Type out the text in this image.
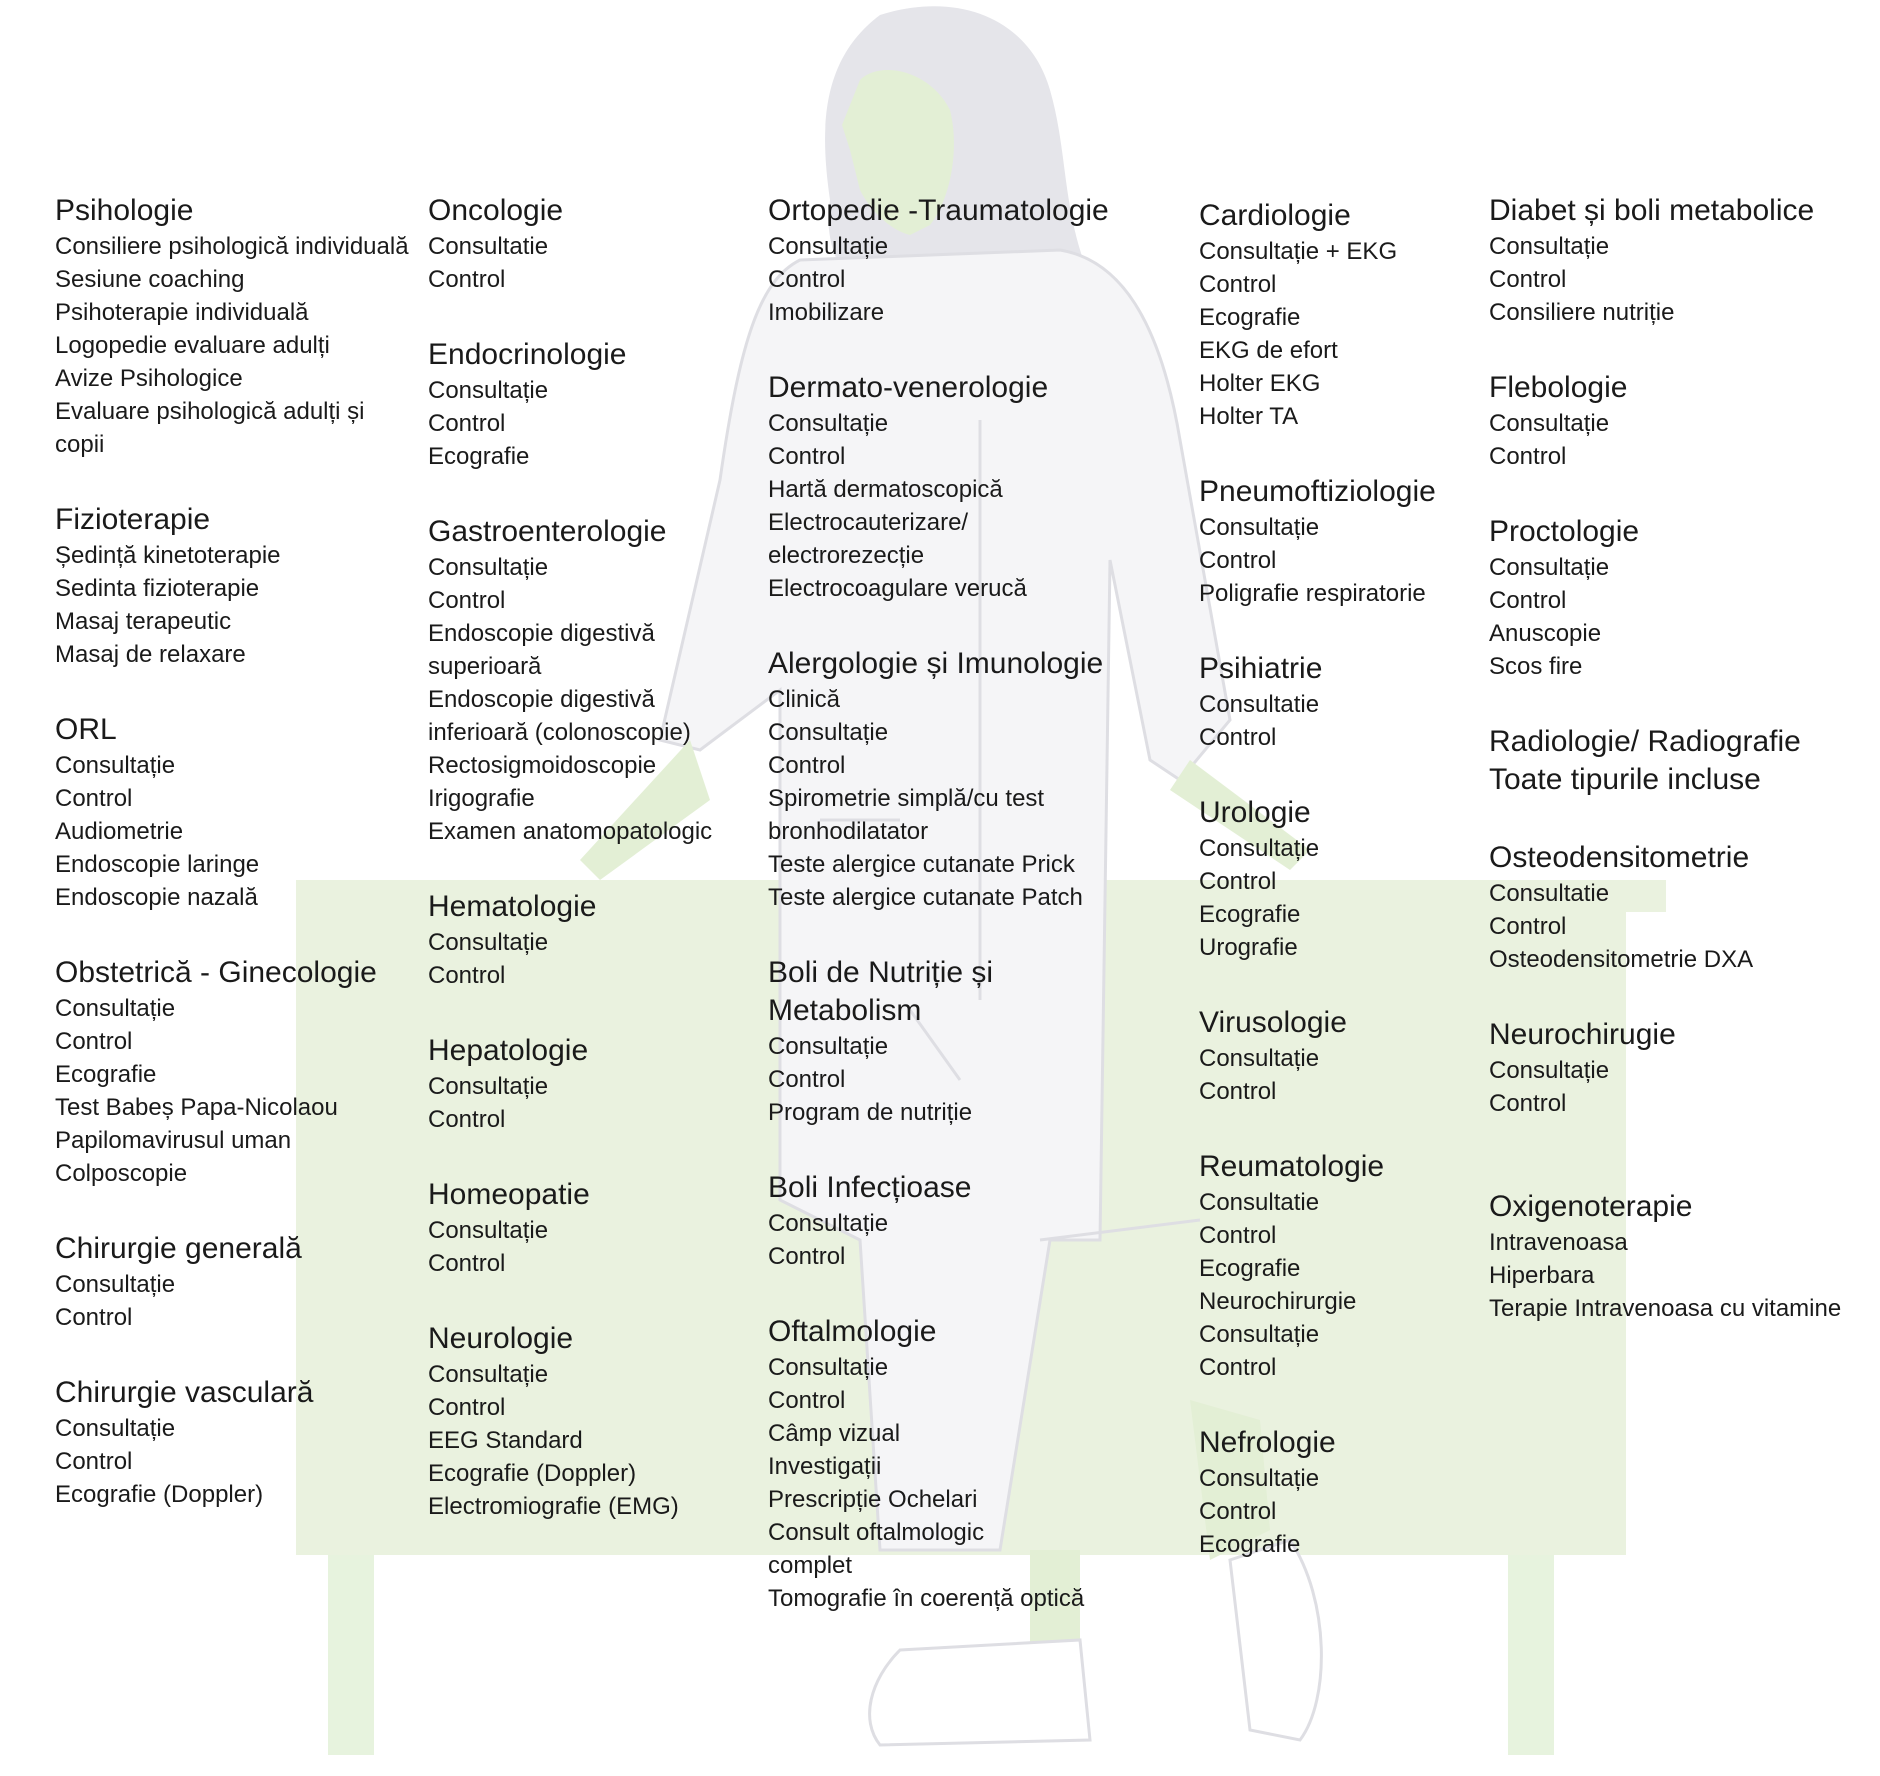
Psihologie
Consiliere psihologică individuală
Sesiune coaching
Psihoterapie individuală
Logopedie evaluare adulți
Avize Psihologice
Evaluare psihologică adulți și copii
Fizioterapie
Ședință kinetoterapie
Sedinta fizioterapie
Masaj terapeutic
Masaj de relaxare
ORL
Consultație
Control
Audiometrie
Endoscopie laringe
Endoscopie nazală
Obstetrică - Ginecologie
Consultație
Control
Ecografie
Test Babeș Papa-Nicolaou
Papilomavirusul uman
Colposcopie
Chirurgie generală
Consultație
Control
Chirurgie vasculară
Consultație
Control
Ecografie (Doppler)
Oncologie
Consultatie
Control
Endocrinologie
Consultație
Control
Ecografie
Gastroenterologie
Consultație
Control
Endoscopie digestivă superioară
Endoscopie digestivă inferioară (colonoscopie)
Rectosigmoidoscopie
Irigografie
Examen anatomopatologic
Hematologie
Consultație
Control
Hepatologie
Consultație
Control
Homeopatie
Consultație
Control
Neurologie
Consultație
Control
EEG Standard
Ecografie (Doppler)
Electromiografie (EMG)
Ortopedie -Traumatologie
Consultație
Control
Imobilizare
Dermato-venerologie
Consultație
Control
Hartă dermatoscopică
Electrocauterizare/ electrorezecție
Electrocoagulare verucă
Alergologie și Imunologie
Clinică
Consultație
Control
Spirometrie simplă/cu test bronhodilatator
Teste alergice cutanate Prick
Teste alergice cutanate Patch
Boli de Nutriție și Metabolism
Consultație
Control
Program de nutriție
Boli Infecțioase
Consultație
Control
Oftalmologie
Consultație
Control
Câmp vizual
Investigații
Prescripție Ochelari
Consult oftalmologic complet
Tomografie în coerență optică
Cardiologie
Consultație + EKG
Control
Ecografie
EKG de efort
Holter EKG
Holter TA
Pneumoftiziologie
Consultație
Control
Poligrafie respiratorie
Psihiatrie
Consultatie
Control
Urologie
Consultație
Control
Ecografie
Urografie
Virusologie
Consultație
Control
Reumatologie
Consultatie
Control
Ecografie
Neurochirurgie
Consultație
Control
Nefrologie
Consultație
Control
Ecografie
Diabet și boli metabolice
Consultație
Control
Consiliere nutriție
Flebologie
Consultație
Control
Proctologie
Consultație
Control
Anuscopie
Scos fire
Radiologie/ Radiografie
Toate tipurile incluse
Osteodensitometrie
Consultatie
Control
Osteodensitometrie DXA
Neurochirugie
Consultație
Control
Oxigenoterapie
Intravenoasa
Hiperbara
Terapie Intravenoasa cu vitamine
